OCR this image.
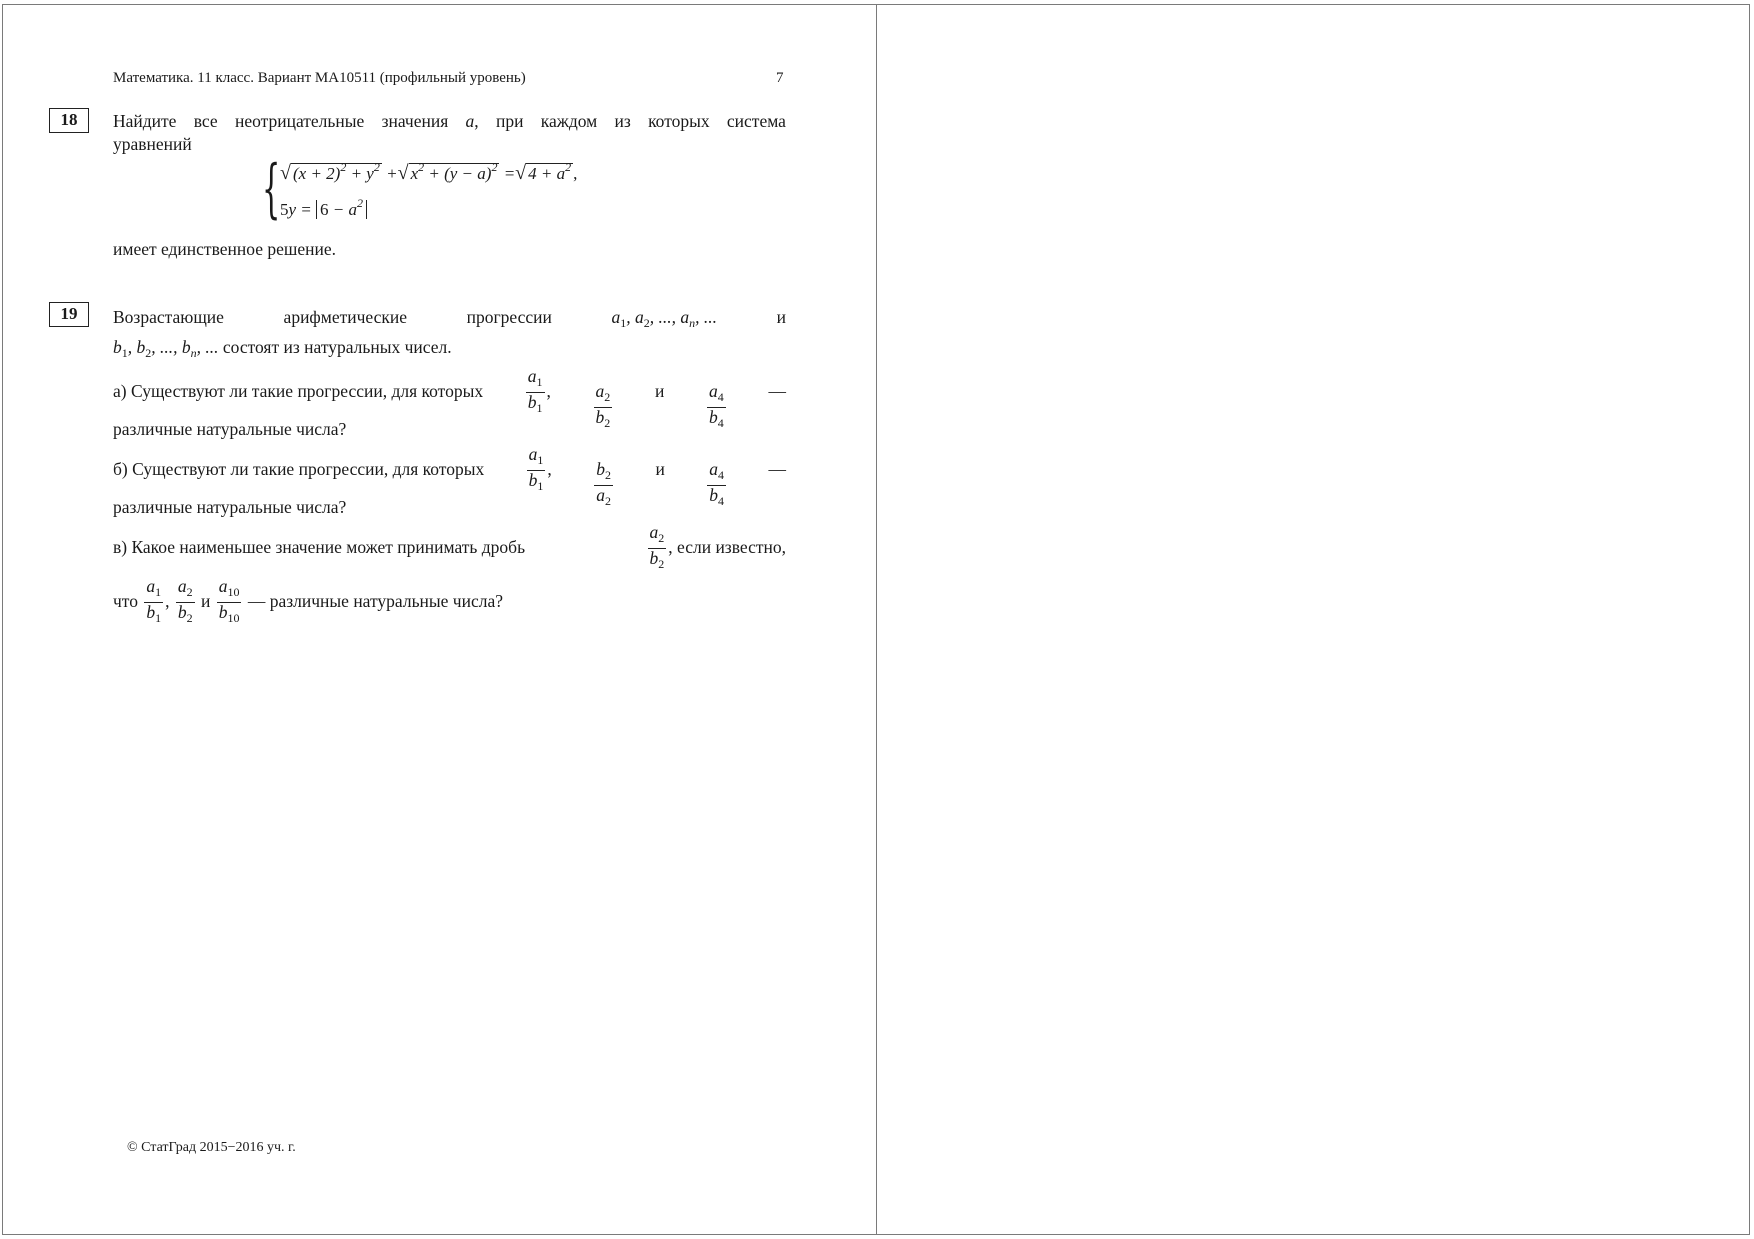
Математика. 11 класс. Вариант МА10511 (профильный уровень)	7
18	Найдите все неотрицательные значения a, при каждом из которых система
уравнений
{ √ $(x + 2)^2 + y^2$ +√ $x^2 + (y - a)^2$ =√ $4 + a^2$ ,
$5y = 6 - a^2$
имеет единственное решение.
19	Возрастающие	арифметические	прогрессии	$a_1$, $a_2$, ..., $a_n$, ...	и
$b_1$, $b_2$, ..., $b_n$, ... состоят из натуральных чисел.
а) Существуют ли такие прогрессии, для которых $\frac{a_1}{b_1}$ , $\frac{a_2}{b_2}$ и $\frac{a_4}{b_4}$ —
различные натуральные числа?
б) Существуют ли такие прогрессии, для которых $\frac{a_1}{b_1}$ , $\frac{b_2}{a_2}$ и $\frac{a_4}{b_4}$ —
различные натуральные числа?
в) Какое наименьшее значение может принимать дробь	$\frac{a_2}{b_2}$ , если известно,
что $\frac{a_1}{b_1}$ , $\frac{a_2}{b_2}$ и $\frac{a_{10}}{b_{10}}$ — различные натуральные числа?
© СтатГрад 2015−2016 уч. г.
